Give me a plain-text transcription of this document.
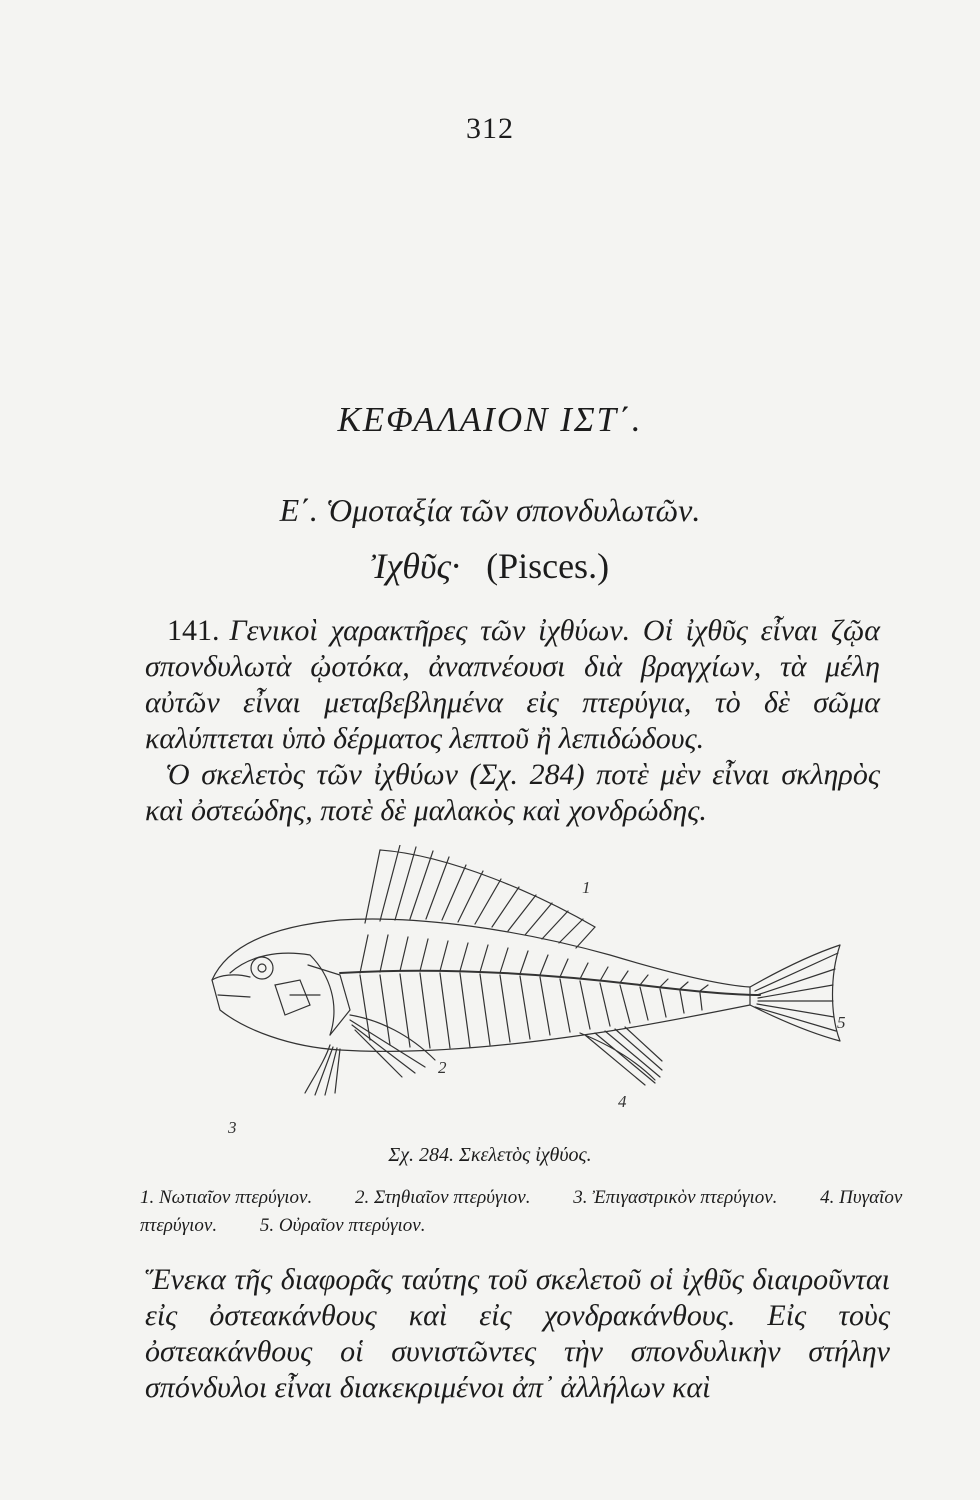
312
ΚΕΦΑΛΑΙΟΝ ΙΣΤ΄.
Ε΄. Ὁμοταξία τῶν σπονδυλωτῶν.
Ἰχθῦς· (Pisces.)
141. Γενικοὶ χαρακτῆρες τῶν ἰχθύων. Οἱ ἰχθῦς εἶναι ζῷα σπονδυλωτὰ ᾠοτόκα, ἀναπνέουσι διὰ βραγχίων, τὰ μέλη αὐτῶν εἶναι μεταβεβλημένα εἰς πτερύγια, τὸ δὲ σῶμα καλύπτεται ὑπὸ δέρματος λεπτοῦ ἢ λεπιδώδους.
Ὁ σκελετὸς τῶν ἰχθύων (Σχ. 284) ποτὲ μὲν εἶναι σκληρὸς καὶ ὀστεώδης, ποτὲ δὲ μαλακὸς καὶ χονδρώδης.
1
2
3
4
5
Σχ. 284. Σκελετὸς ἰχθύος.
1. Νωτιαῖον πτερύγιον. 2. Στηθιαῖον πτερύγιον. 3. Ἐπιγαστρικὸν πτερύγιον. 4. Πυγαῖον πτερύγιον. 5. Οὐραῖον πτερύγιον.
Ἕνεκα τῆς διαφορᾶς ταύτης τοῦ σκελετοῦ οἱ ἰχθῦς διαιροῦνται εἰς ὀστεακάνθους καὶ εἰς χονδρακάνθους. Εἰς τοὺς ὀστεακάνθους οἱ συνιστῶντες τὴν σπονδυλικὴν στήλην σπόνδυλοι εἶναι διακεκριμένοι ἀπ᾽ ἀλλήλων καὶ
